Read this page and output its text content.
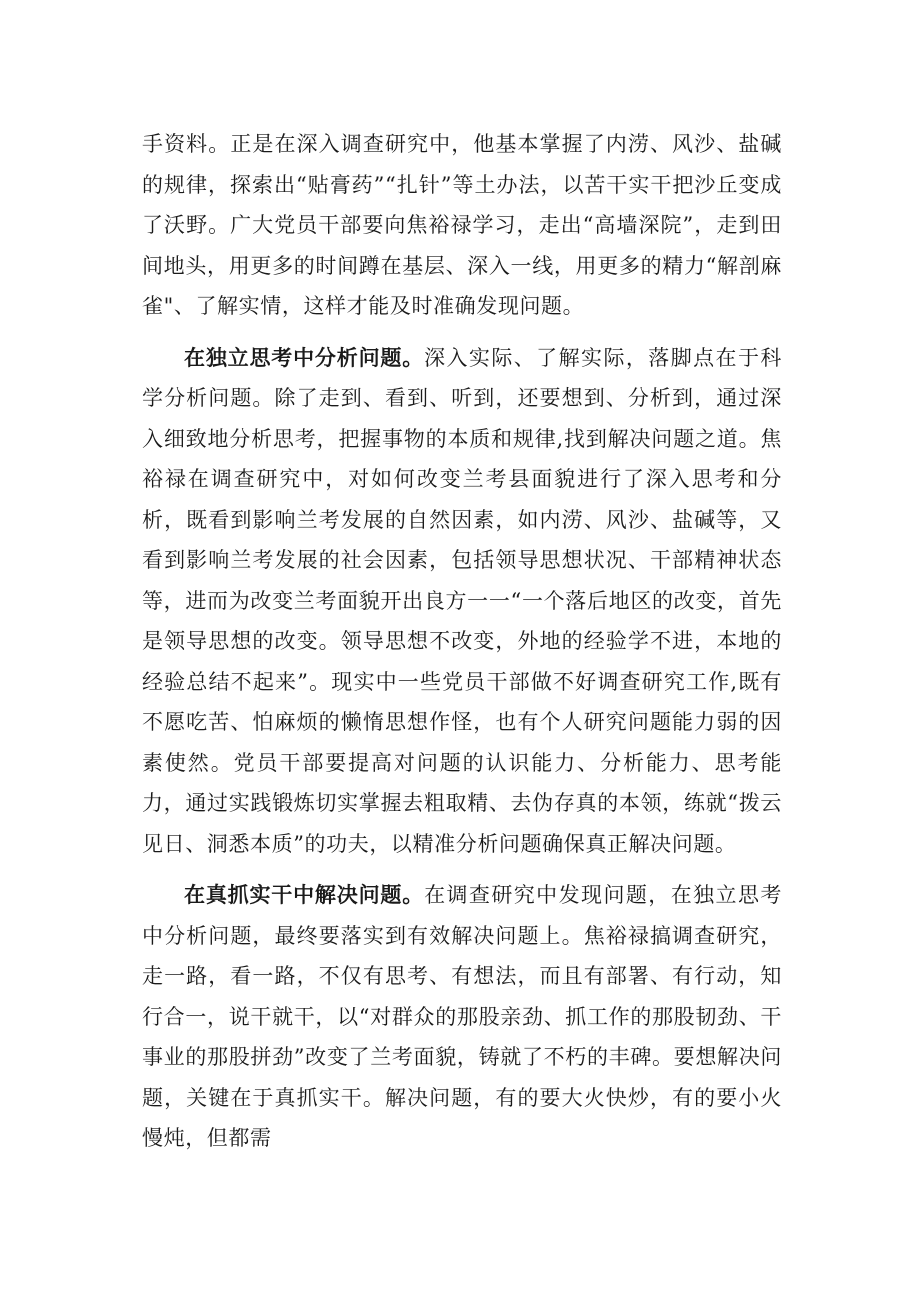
手资料。正是在深入调查研究中，他基本掌握了内涝、风沙、盐碱的规律，探索出“贴膏药”“扎针”等土办法，以苦干实干把沙丘变成了沃野。广大党员干部要向焦裕禄学习，走出“高墙深院”，走到田间地头，用更多的时间蹲在基层、深入一线，用更多的精力“解剖麻雀"、了解实情，这样才能及时准确发现问题。

在独立思考中分析问题。深入实际、了解实际，落脚点在于科学分析问题。除了走到、看到、听到，还要想到、分析到，通过深入细致地分析思考，把握事物的本质和规律,找到解决问题之道。焦裕禄在调查研究中，对如何改变兰考县面貌进行了深入思考和分析，既看到影响兰考发展的自然因素，如内涝、风沙、盐碱等，又看到影响兰考发展的社会因素，包括领导思想状况、干部精神状态等，进而为改变兰考面貌开出良方一一“一个落后地区的改变，首先是领导思想的改变。领导思想不改变，外地的经验学不进，本地的经验总结不起来”。现实中一些党员干部做不好调查研究工作,既有不愿吃苦、怕麻烦的懒惰思想作怪，也有个人研究问题能力弱的因素使然。党员干部要提高对问题的认识能力、分析能力、思考能力，通过实践锻炼切实掌握去粗取精、去伪存真的本领，练就“拨云见日、洞悉本质”的功夫，以精准分析问题确保真正解决问题。

在真抓实干中解决问题。在调查研究中发现问题，在独立思考中分析问题，最终要落实到有效解决问题上。焦裕禄搞调查研究，走一路，看一路，不仅有思考、有想法，而且有部署、有行动，知行合一，说干就干，以“对群众的那股亲劲、抓工作的那股韧劲、干事业的那股拼劲”改变了兰考面貌，铸就了不朽的丰碑。要想解决问题，关键在于真抓实干。解决问题，有的要大火快炒，有的要小火慢炖，但都需
